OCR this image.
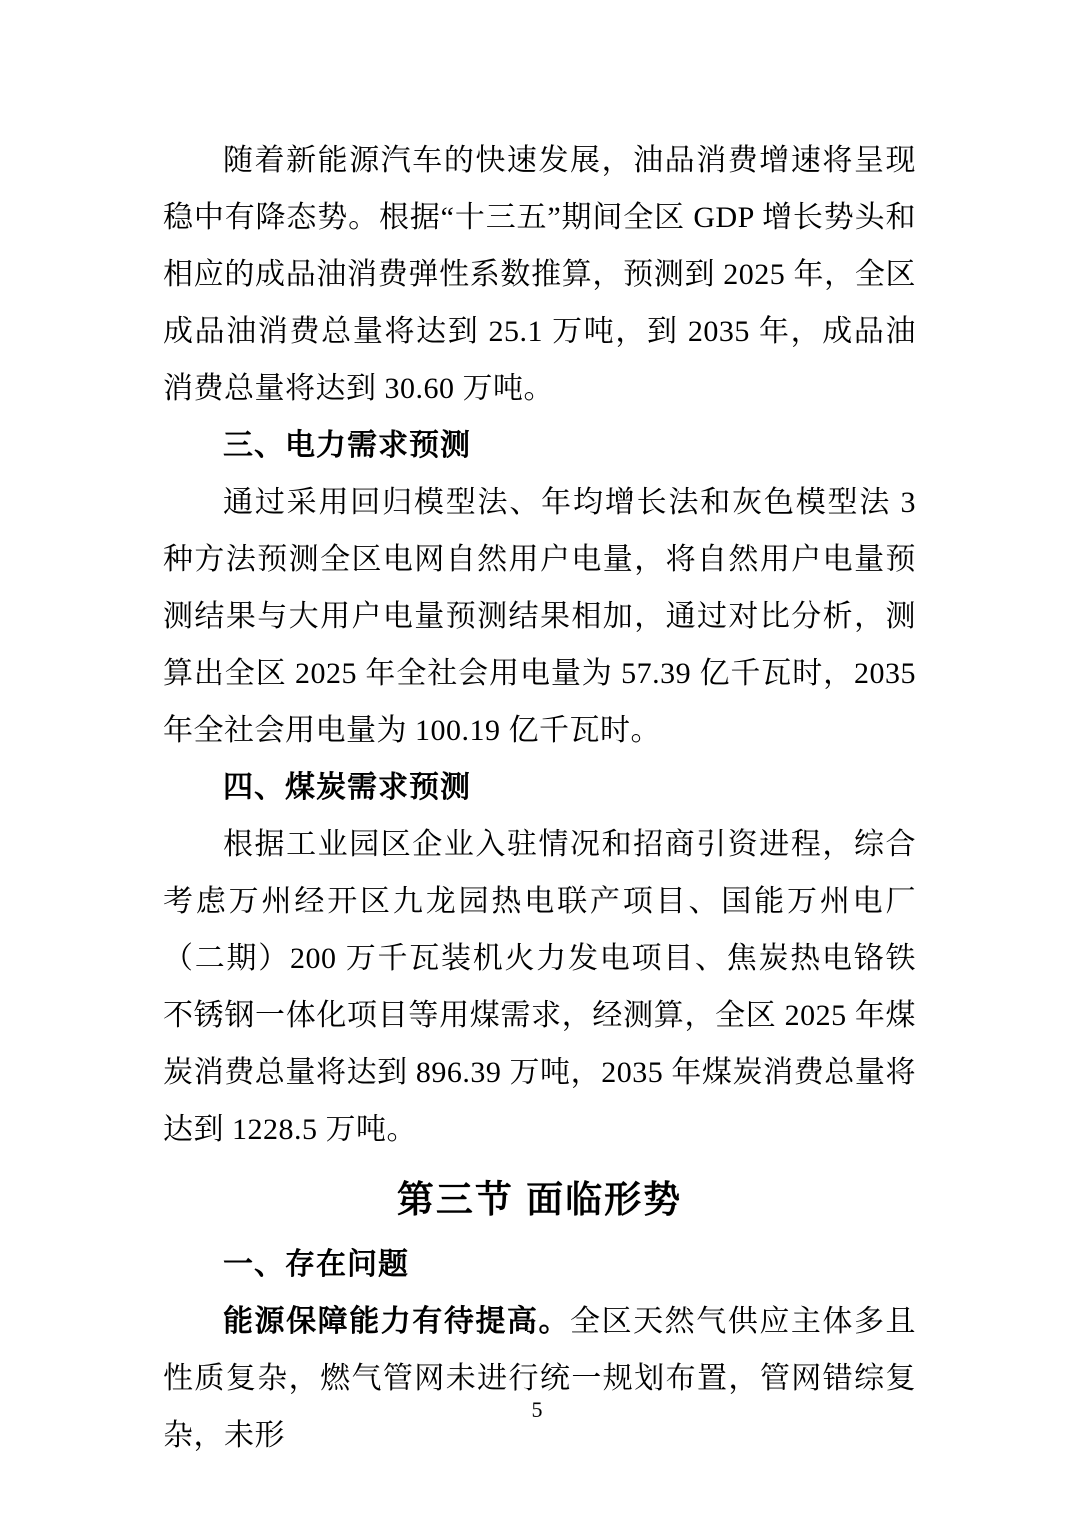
随着新能源汽车的快速发展，油品消费增速将呈现稳中有降态势。根据“十三五”期间全区 GDP 增长势头和相应的成品油消费弹性系数推算，预测到 2025 年，全区成品油消费总量将达到 25.1 万吨，到 2035 年，成品油消费总量将达到 30.60 万吨。

三、电力需求预测

通过采用回归模型法、年均增长法和灰色模型法 3 种方法预测全区电网自然用户电量，将自然用户电量预测结果与大用户电量预测结果相加，通过对比分析，测算出全区 2025 年全社会用电量为 57.39 亿千瓦时，2035 年全社会用电量为 100.19 亿千瓦时。

四、煤炭需求预测

根据工业园区企业入驻情况和招商引资进程，综合考虑万州经开区九龙园热电联产项目、国能万州电厂（二期）200 万千瓦装机火力发电项目、焦炭热电铬铁不锈钢一体化项目等用煤需求，经测算，全区 2025 年煤炭消费总量将达到 896.39 万吨，2035 年煤炭消费总量将达到 1228.5 万吨。

第三节 面临形势
一、存在问题

能源保障能力有待提高。全区天然气供应主体多且性质复杂，燃气管网未进行统一规划布置，管网错综复杂，未形

5
